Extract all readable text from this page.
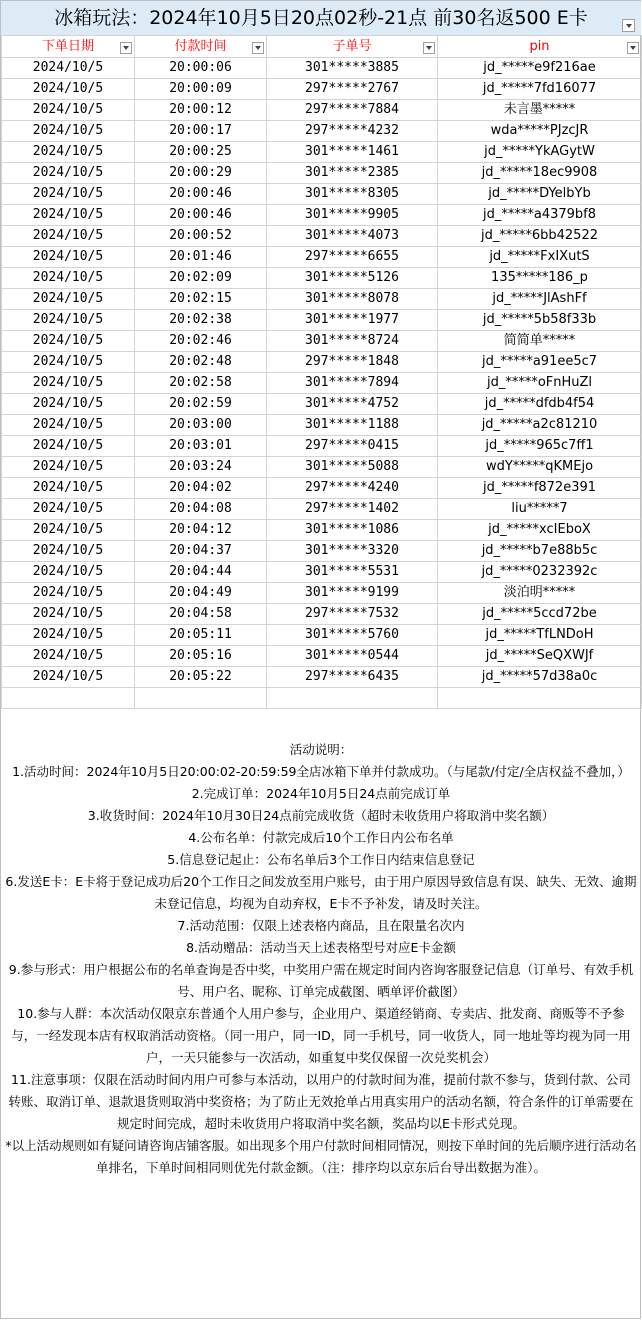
冰箱玩法：2024年10月5日20点02秒-21点 前30名返500 E卡
下单日期	付款时间	子单号	pin

2024/10/5	20:00:06	301*****3885	jd_*****e9f216ae
2024/10/5	20:00:09	297*****2767	jd_*****7fd16077
2024/10/5	20:00:12	297*****7884	未言墨*****
2024/10/5	20:00:17	297*****4232	wda*****PJzcJR
2024/10/5	20:00:25	301*****1461	jd_*****YkAGytW
2024/10/5	20:00:29	301*****2385	jd_*****18ec9908
2024/10/5	20:00:46	301*****8305	jd_*****DYelbYb
2024/10/5	20:00:46	301*****9905	jd_*****a4379bf8
2024/10/5	20:00:52	301*****4073	jd_*****6bb42522
2024/10/5	20:01:46	297*****6655	jd_*****FxIXutS
2024/10/5	20:02:09	301*****5126	135*****186_p
2024/10/5	20:02:15	301*****8078	jd_*****JlAshFf
2024/10/5	20:02:38	301*****1977	jd_*****5b58f33b
2024/10/5	20:02:46	301*****8724	简简单*****
2024/10/5	20:02:48	297*****1848	jd_*****a91ee5c7
2024/10/5	20:02:58	301*****7894	jd_*****oFnHuZl
2024/10/5	20:02:59	301*****4752	jd_*****dfdb4f54
2024/10/5	20:03:00	301*****1188	jd_*****a2c81210
2024/10/5	20:03:01	297*****0415	jd_*****965c7ff1
2024/10/5	20:03:24	301*****5088	wdY*****qKMEjo
2024/10/5	20:04:02	297*****4240	jd_*****f872e391
2024/10/5	20:04:08	297*****1402	liu*****7
2024/10/5	20:04:12	301*****1086	jd_*****xcIEboX
2024/10/5	20:04:37	301*****3320	jd_*****b7e88b5c
2024/10/5	20:04:44	301*****5531	jd_*****0232392c
2024/10/5	20:04:49	301*****9199	淡泊明*****
2024/10/5	20:04:58	297*****7532	jd_*****5ccd72be
2024/10/5	20:05:11	301*****5760	jd_*****TfLNDoH
2024/10/5	20:05:16	301*****0544	jd_*****SeQXWJf
2024/10/5	20:05:22	297*****6435	jd_*****57d38a0c

活动说明：

1.活动时间：2024年10月5日20:00:02-20:59:59全店冰箱下单并付款成功。（与尾款/付定/全店权益不叠加，）

2.完成订单：2024年10月5日24点前完成订单

3.收货时间：2024年10月30日24点前完成收货（超时未收货用户将取消中奖名额）

4.公布名单：付款完成后10个工作日内公布名单

5.信息登记起止：公布名单后3个工作日内结束信息登记

6.发送E卡：E卡将于登记成功后20个工作日之间发放至用户账号，由于用户原因导致信息有误、缺失、无效、逾期未登记信息，均视为自动弃权，E卡不予补发，请及时关注。

7.活动范围：仅限上述表格内商品，且在限量名次内

8.活动赠品：活动当天上述表格型号对应E卡金额

9.参与形式：用户根据公布的名单查询是否中奖，中奖用户需在规定时间内咨询客服登记信息（订单号、有效手机号、用户名、昵称、订单完成截图、晒单评价截图）

10.参与人群：本次活动仅限京东普通个人用户参与，企业用户、渠道经销商、专卖店、批发商、商贩等不予参与，一经发现本店有权取消活动资格。（同一用户，同一ID，同一手机号，同一收货人，同一地址等均视为同一用户，一天只能参与一次活动，如重复中奖仅保留一次兑奖机会）

11.注意事项：仅限在活动时间内用户可参与本活动，以用户的付款时间为准，提前付款不参与，货到付款、公司转账、取消订单、退款退货则取消中奖资格；为了防止无效抢单占用真实用户的活动名额，符合条件的订单需要在规定时间完成，超时未收货用户将取消中奖名额，奖品均以E卡形式兑现。

*以上活动规则如有疑问请咨询店铺客服。如出现多个用户付款时间相同情况，则按下单时间的先后顺序进行活动名单排名，下单时间相同则优先付款金额。（注：排序均以京东后台导出数据为准）。
